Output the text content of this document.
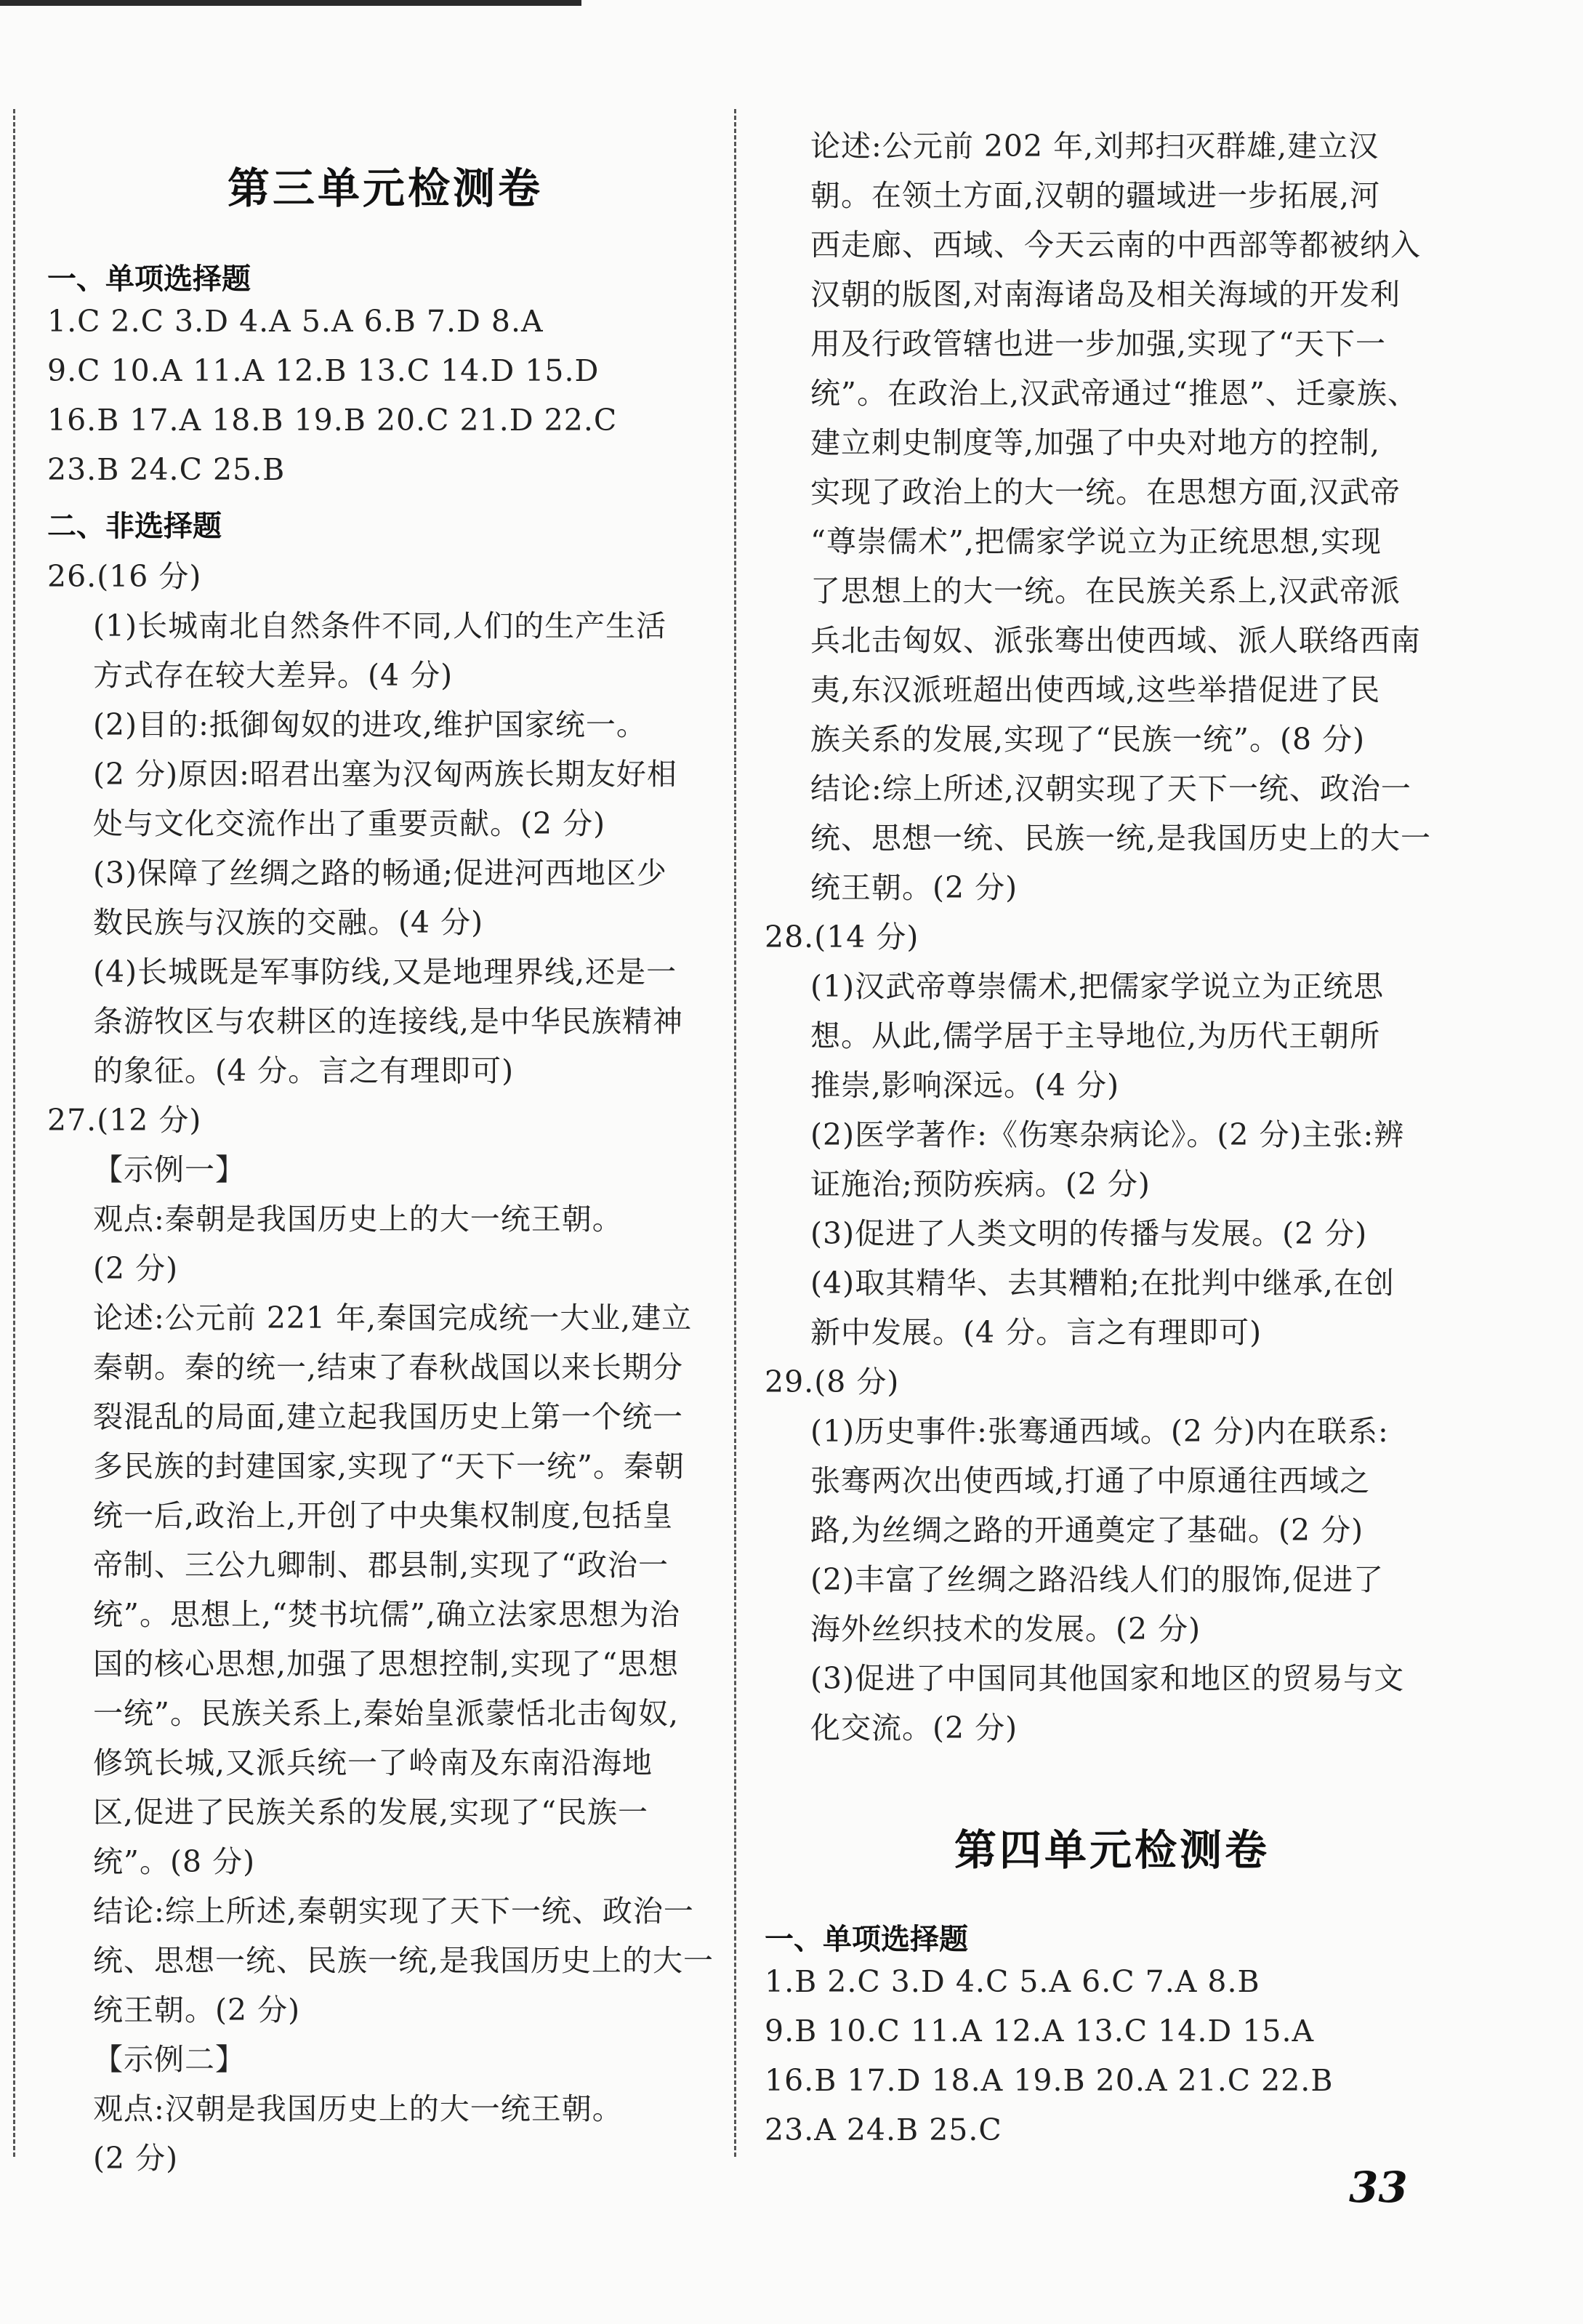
第三单元检测卷
一、单项选择题
1.C 2.C 3.D 4.A 5.A 6.B 7.D 8.A
9.C 10.A 11.A 12.B 13.C 14.D 15.D
16.B 17.A 18.B 19.B 20.C 21.D 22.C
23.B 24.C 25.B
二、非选择题
26.(16 分)
(1)长城南北自然条件不同,人们的生产生活
方式存在较大差异。(4 分)
(2)目的:抵御匈奴的进攻,维护国家统一。
(2 分)原因:昭君出塞为汉匈两族长期友好相
处与文化交流作出了重要贡献。(2 分)
(3)保障了丝绸之路的畅通;促进河西地区少
数民族与汉族的交融。(4 分)
(4)长城既是军事防线,又是地理界线,还是一
条游牧区与农耕区的连接线,是中华民族精神
的象征。(4 分。言之有理即可)
27.(12 分)
【示例一】
观点:秦朝是我国历史上的大一统王朝。
(2 分)
论述:公元前 221 年,秦国完成统一大业,建立
秦朝。秦的统一,结束了春秋战国以来长期分
裂混乱的局面,建立起我国历史上第一个统一
多民族的封建国家,实现了“天下一统”。秦朝
统一后,政治上,开创了中央集权制度,包括皇
帝制、三公九卿制、郡县制,实现了“政治一
统”。思想上,“焚书坑儒”,确立法家思想为治
国的核心思想,加强了思想控制,实现了“思想
一统”。民族关系上,秦始皇派蒙恬北击匈奴,
修筑长城,又派兵统一了岭南及东南沿海地
区,促进了民族关系的发展,实现了“民族一
统”。(8 分)
结论:综上所述,秦朝实现了天下一统、政治一
统、思想一统、民族一统,是我国历史上的大一
统王朝。(2 分)
【示例二】
观点:汉朝是我国历史上的大一统王朝。
(2 分)
论述:公元前 202 年,刘邦扫灭群雄,建立汉
朝。在领土方面,汉朝的疆域进一步拓展,河
西走廊、西域、今天云南的中西部等都被纳入
汉朝的版图,对南海诸岛及相关海域的开发利
用及行政管辖也进一步加强,实现了“天下一
统”。在政治上,汉武帝通过“推恩”、迁豪族、
建立刺史制度等,加强了中央对地方的控制,
实现了政治上的大一统。在思想方面,汉武帝
“尊崇儒术”,把儒家学说立为正统思想,实现
了思想上的大一统。在民族关系上,汉武帝派
兵北击匈奴、派张骞出使西域、派人联络西南
夷,东汉派班超出使西域,这些举措促进了民
族关系的发展,实现了“民族一统”。(8 分)
结论:综上所述,汉朝实现了天下一统、政治一
统、思想一统、民族一统,是我国历史上的大一
统王朝。(2 分)
28.(14 分)
(1)汉武帝尊崇儒术,把儒家学说立为正统思
想。从此,儒学居于主导地位,为历代王朝所
推崇,影响深远。(4 分)
(2)医学著作:《伤寒杂病论》。(2 分)主张:辨
证施治;预防疾病。(2 分)
(3)促进了人类文明的传播与发展。(2 分)
(4)取其精华、去其糟粕;在批判中继承,在创
新中发展。(4 分。言之有理即可)
29.(8 分)
(1)历史事件:张骞通西域。(2 分)内在联系:
张骞两次出使西域,打通了中原通往西域之
路,为丝绸之路的开通奠定了基础。(2 分)
(2)丰富了丝绸之路沿线人们的服饰,促进了
海外丝织技术的发展。(2 分)
(3)促进了中国同其他国家和地区的贸易与文
化交流。(2 分)
第四单元检测卷
一、单项选择题
1.B 2.C 3.D 4.C 5.A 6.C 7.A 8.B
9.B 10.C 11.A 12.A 13.C 14.D 15.A
16.B 17.D 18.A 19.B 20.A 21.C 22.B
23.A 24.B 25.C
33
